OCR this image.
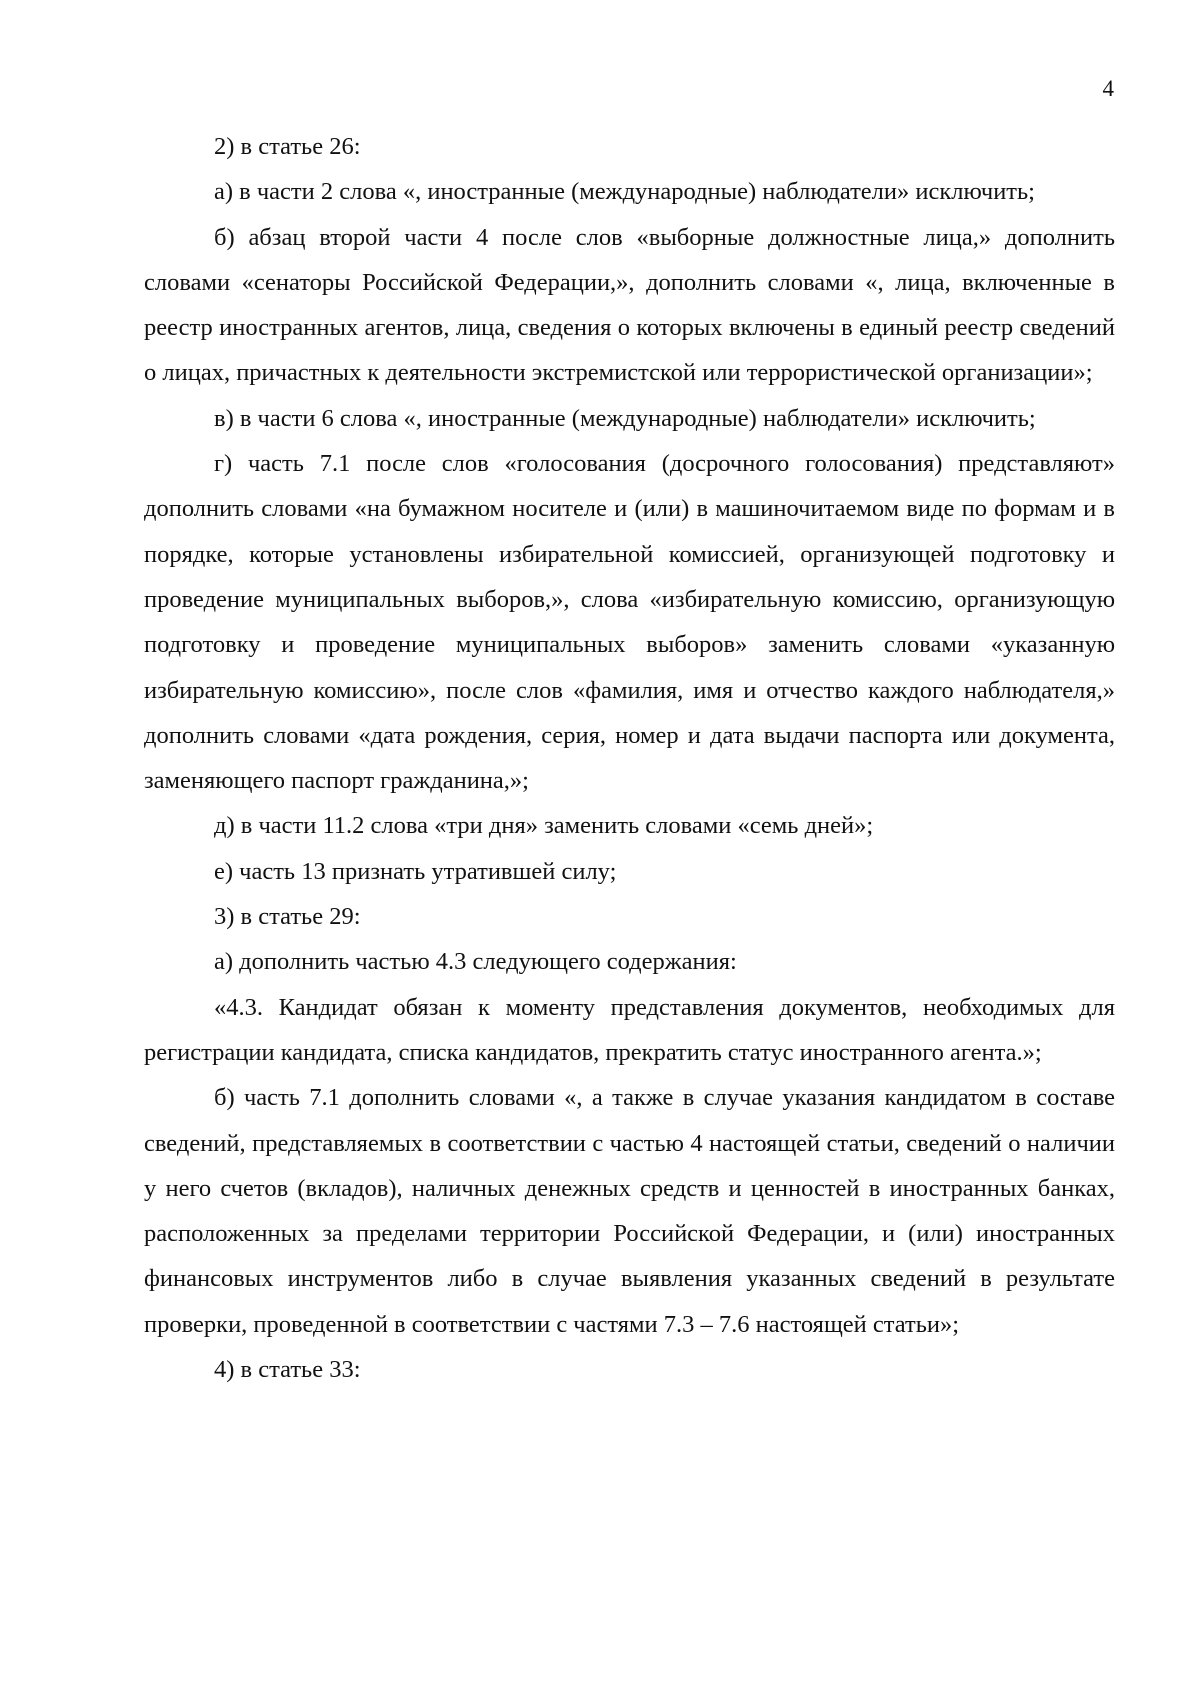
4

2) в статье 26:

а) в части 2 слова «, иностранные (международные) наблюдатели» исключить;

б) абзац второй части 4 после слов «выборные должностные лица,» дополнить словами «сенаторы Российской Федерации,», дополнить словами «, лица, включенные в реестр иностранных агентов, лица, сведения о которых включены в единый реестр сведений о лицах, причастных к деятельности экстремистской или террористической организации»;

в) в части 6 слова «, иностранные (международные) наблюдатели» исключить;

г) часть 7.1 после слов «голосования (досрочного голосования) представляют» дополнить словами «на бумажном носителе и (или) в машиночитаемом виде по формам и в порядке, которые установлены избирательной комиссией, организующей подготовку и проведение муниципальных выборов,», слова «избирательную комиссию, организующую подготовку и проведение муниципальных выборов» заменить словами «указанную избирательную комиссию», после слов «фамилия, имя и отчество каждого наблюдателя,» дополнить словами «дата рождения, серия, номер и дата выдачи паспорта или документа, заменяющего паспорт гражданина,»;

д) в части 11.2 слова «три дня» заменить словами «семь дней»;

е) часть 13 признать утратившей силу;

3) в статье 29:

а) дополнить частью 4.3 следующего содержания:

«4.3. Кандидат обязан к моменту представления документов, необходимых для регистрации кандидата, списка кандидатов, прекратить статус иностранного агента.»;

б) часть 7.1 дополнить словами «, а также в случае указания кандидатом в составе сведений, представляемых в соответствии с частью 4 настоящей статьи, сведений о наличии у него счетов (вкладов), наличных денежных средств и ценностей в иностранных банках, расположенных за пределами территории Российской Федерации, и (или) иностранных финансовых инструментов либо в случае выявления указанных сведений в результате проверки, проведенной в соответствии с частями 7.3 – 7.6 настоящей статьи»;

4) в статье 33:
